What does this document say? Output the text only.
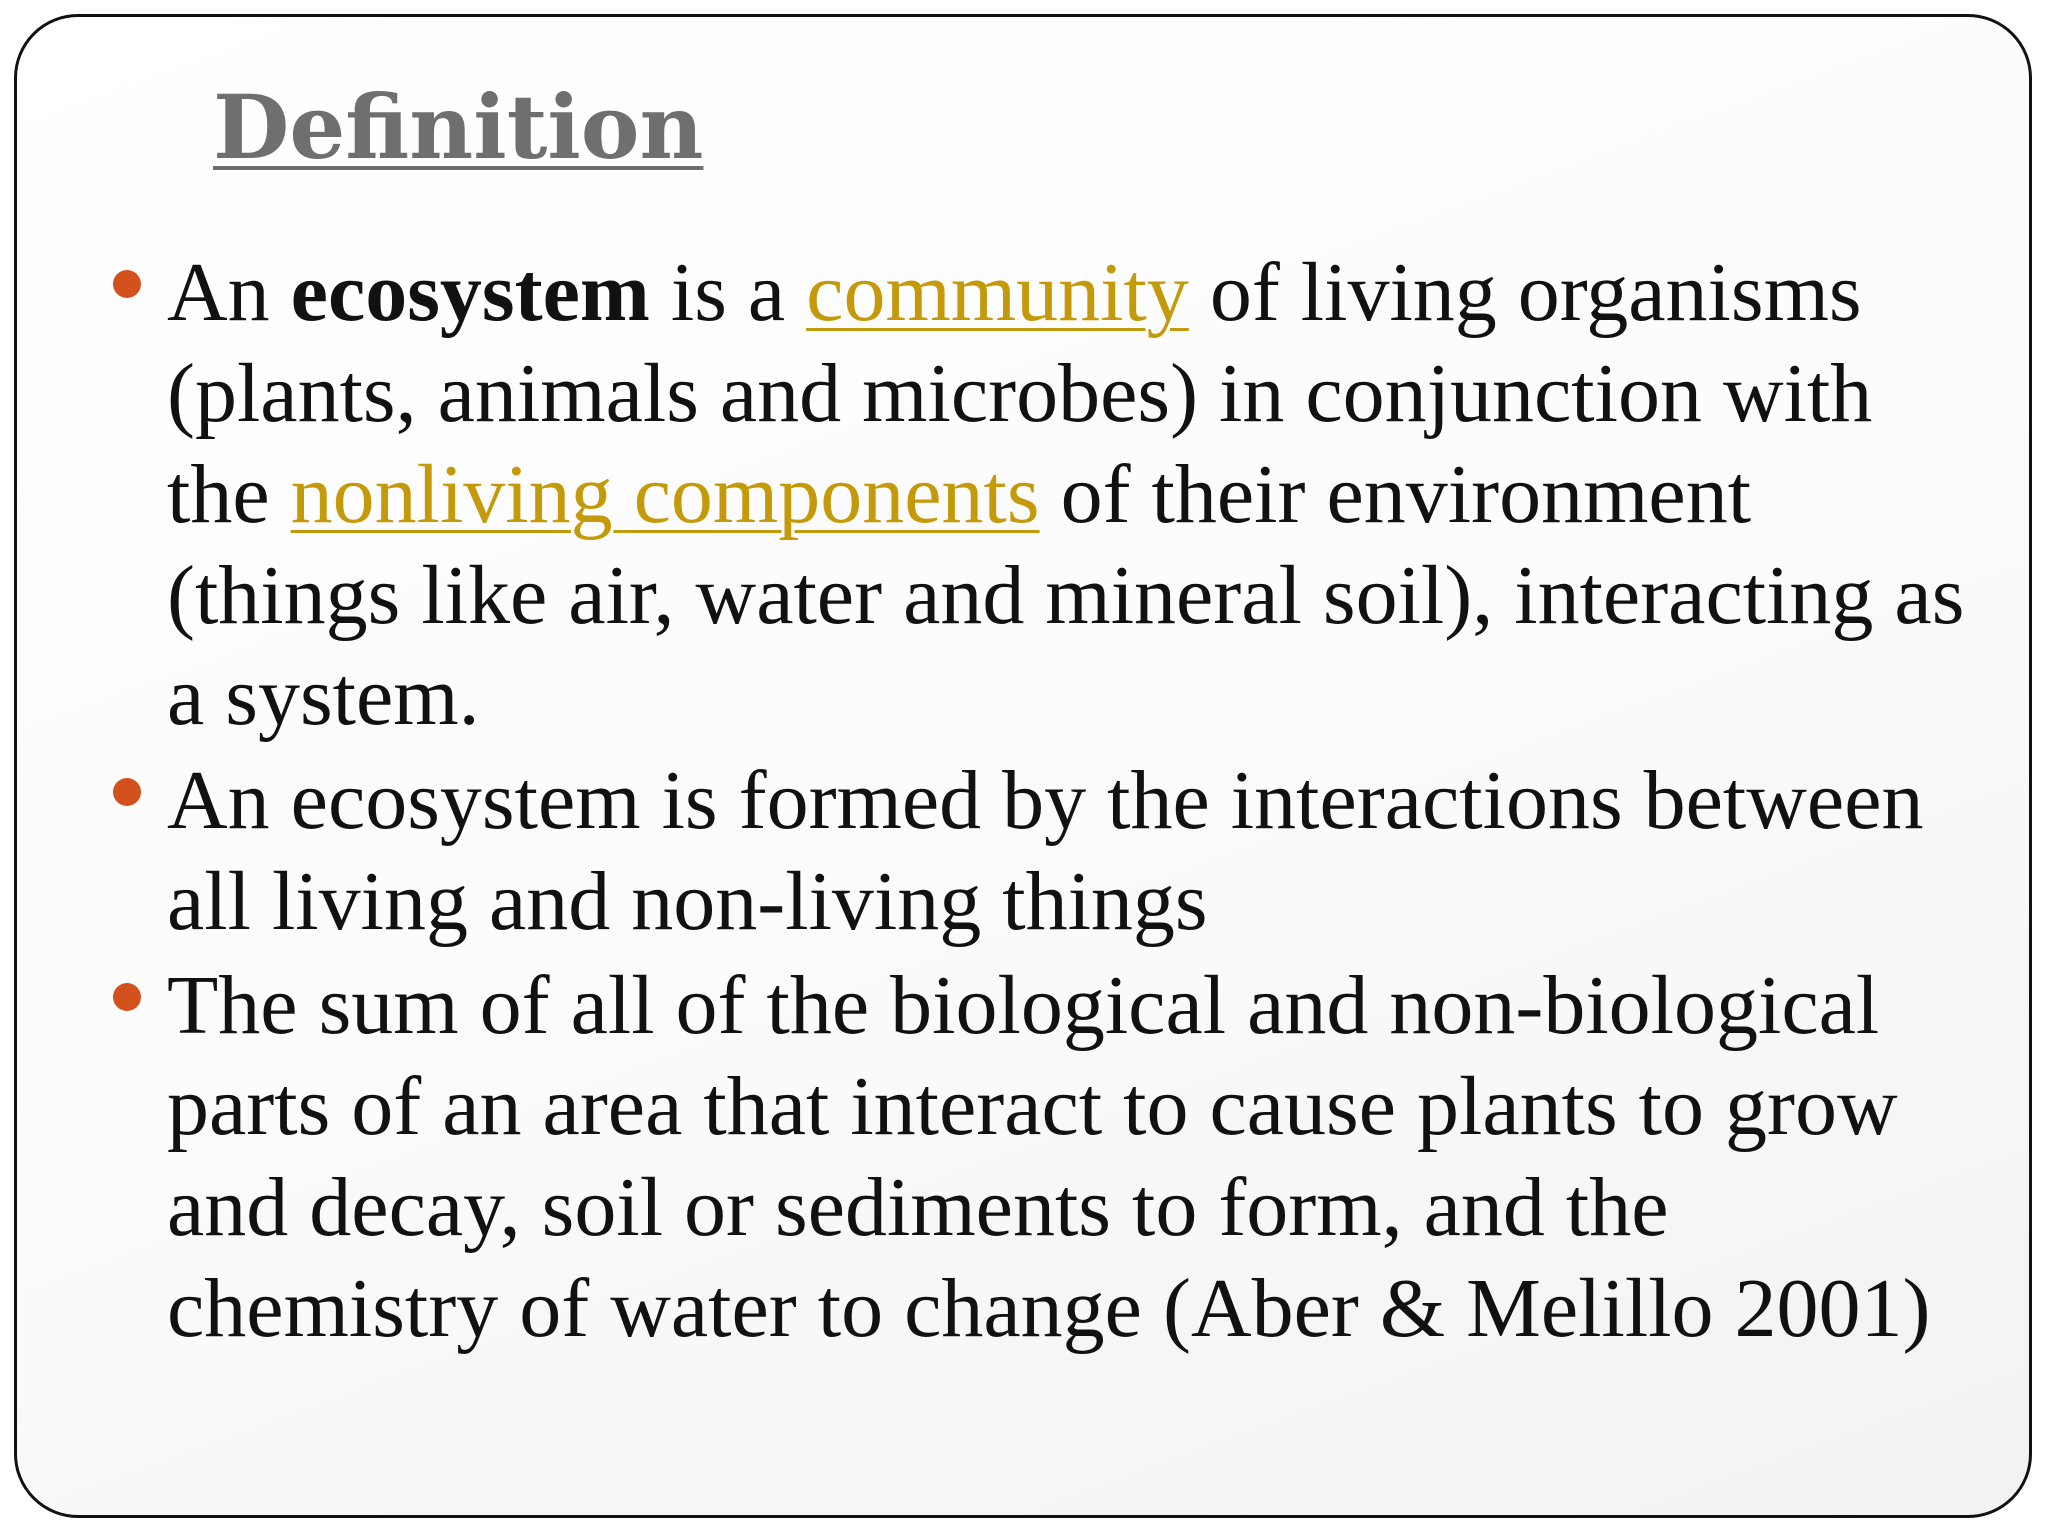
Definition
An ecosystem is a community of living organisms (plants, animals and microbes) in conjunction with the nonliving components of their environment (things like air, water and mineral soil), interacting as a system.
An ecosystem is formed by the interactions between all living and non-living things
The sum of all of the biological and non-biological parts of an area that interact to cause plants to grow and decay, soil or sediments to form, and the chemistry of water to change (Aber & Melillo 2001)
